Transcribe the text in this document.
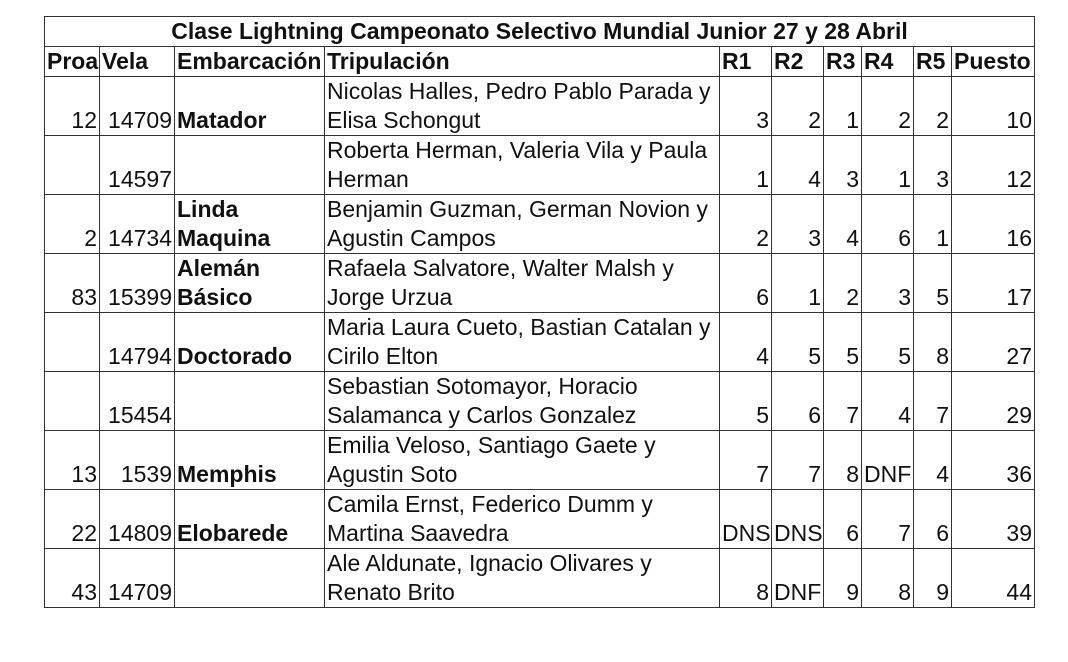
Clase Lightning Campeonato Selectivo Mundial Junior 27 y 28 Abril									
Proa	Vela	Embarcación	Tripulación	R1	R2	R3	R4	R5	Puesto
12	14709	Matador	Nicolas Halles, Pedro Pablo Parada y Elisa Schongut	3	2	1	2	2	10
	14597		Roberta Herman, Valeria Vila y Paula Herman	1	4	3	1	3	12
2	14734	Linda Maquina	Benjamin Guzman, German Novion y Agustin Campos	2	3	4	6	1	16
83	15399	Alemán Básico	Rafaela Salvatore, Walter Malsh y Jorge Urzua	6	1	2	3	5	17
	14794	Doctorado	Maria Laura Cueto, Bastian Catalan y Cirilo Elton	4	5	5	5	8	27
	15454		Sebastian Sotomayor, Horacio Salamanca y Carlos Gonzalez	5	6	7	4	7	29
13	1539	Memphis	Emilia Veloso, Santiago Gaete y Agustin Soto	7	7	8	DNF	4	36
22	14809	Elobarede	Camila Ernst, Federico Dumm y Martina Saavedra	DNS	DNS	6	7	6	39
43	14709		Ale Aldunate, Ignacio Olivares y Renato Brito	8	DNF	9	8	9	44
